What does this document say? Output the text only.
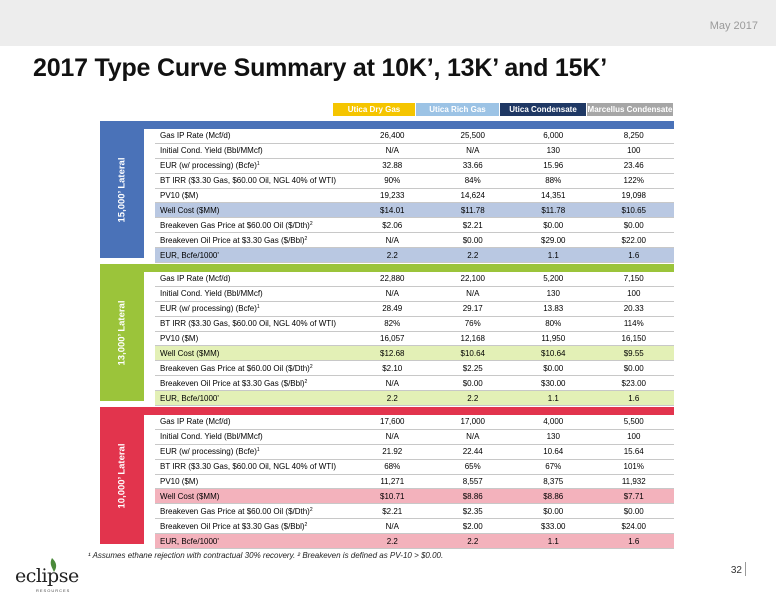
May 2017
2017 Type Curve Summary at 10K’, 13K’ and 15K’
Utica Dry Gas	Utica Rich Gas	Utica Condensate	Marcellus Condensate
15,000’ Lateral
Gas IP Rate (Mcf/d)	26,400	25,500	6,000	8,250
Initial Cond. Yield (Bbl/MMcf)	N/A	N/A	130	100
EUR (w/ processing) (Bcfe)$^1$	32.88	33.66	15.96	23.46
BT IRR ($3.30 Gas, $60.00 Oil, NGL 40% of WTI)	90%	84%	88%	122%
PV10 ($M)	19,233	14,624	14,351	19,098
Well Cost ($MM)	$14.01	$11.78	$11.78	$10.65
Breakeven Gas Price at $60.00 Oil ($/Dth)$^2$	$2.06	$2.21	$0.00	$0.00
Breakeven Oil Price at $3.30 Gas ($/Bbl)$^2$	N/A	$0.00	$29.00	$22.00
EUR, Bcfe/1000'	2.2	2.2	1.1	1.6
13,000’ Lateral
Gas IP Rate (Mcf/d)	22,880	22,100	5,200	7,150
Initial Cond. Yield (Bbl/MMcf)	N/A	N/A	130	100
EUR (w/ processing) (Bcfe)$^1$	28.49	29.17	13.83	20.33
BT IRR ($3.30 Gas, $60.00 Oil, NGL 40% of WTI)	82%	76%	80%	114%
PV10 ($M)	16,057	12,168	11,950	16,150
Well Cost ($MM)	$12.68	$10.64	$10.64	$9.55
Breakeven Gas Price at $60.00 Oil ($/Dth)$^2$	$2.10	$2.25	$0.00	$0.00
Breakeven Oil Price at $3.30 Gas ($/Bbl)$^2$	N/A	$0.00	$30.00	$23.00
EUR, Bcfe/1000'	2.2	2.2	1.1	1.6
10,000’ Lateral
Gas IP Rate (Mcf/d)	17,600	17,000	4,000	5,500
Initial Cond. Yield (Bbl/MMcf)	N/A	N/A	130	100
EUR (w/ processing) (Bcfe)$^1$	21.92	22.44	10.64	15.64
BT IRR ($3.30 Gas, $60.00 Oil, NGL 40% of WTI)	68%	65%	67%	101%
PV10 ($M)	11,271	8,557	8,375	11,932
Well Cost ($MM)	$10.71	$8.86	$8.86	$7.71
Breakeven Gas Price at $60.00 Oil ($/Dth)$^2$	$2.21	$2.35	$0.00	$0.00
Breakeven Oil Price at $3.30 Gas ($/Bbl)$^2$	N/A	$2.00	$33.00	$24.00
EUR, Bcfe/1000'	2.2	2.2	1.1	1.6
¹ Assumes ethane rejection with contractual 30% recovery. ² Breakeven is defined as PV-10 > $0.00.
eclipse
RESOURCES
32
